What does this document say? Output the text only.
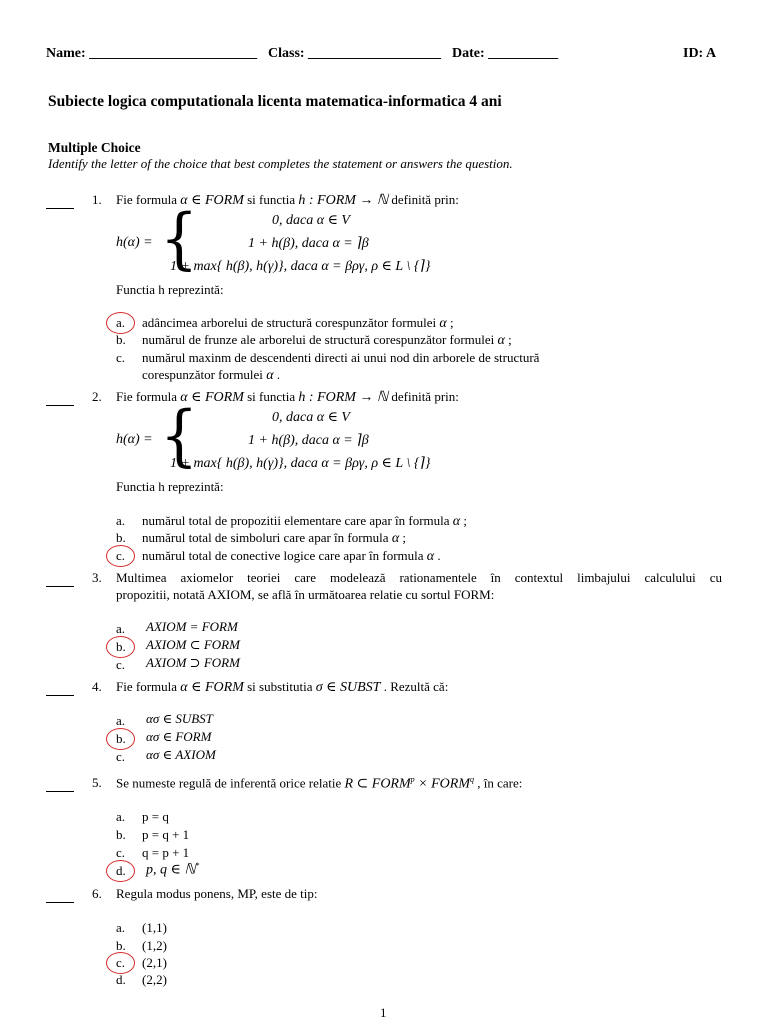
Name: ________________________ Class: ___________________ Date: __________	ID: A
Subiecte logica computationala licenta matematica-informatica 4 ani
Multiple Choice
Identify the letter of the choice that best completes the statement or answers the question.
1. Fie formula α ∈ FORM si functia h : FORM → ℕ definită prin:
h(α) = {	0, daca α ∈ V
1 + h(β), daca α = ⌉β
1 + max{ h(β), h(γ)}, daca α = βργ, ρ ∈ L \ {⌉}
Functia h reprezintă:
a. adâncimea arborelui de structură corespunzător formulei α ;
b. numărul de frunze ale arborelui de structură corespunzător formulei α ;
c. numărul maxinm de descendenti directi ai unui nod din arborele de structură
corespunzător formulei α .
2. Fie formula α ∈ FORM si functia h : FORM → ℕ definită prin:
h(α) = {	0, daca α ∈ V
1 + h(β), daca α = ⌉β
1 + max{ h(β), h(γ)}, daca α = βργ, ρ ∈ L \ {⌉}
Functia h reprezintă:
a. numărul total de propozitii elementare care apar în formula α ;
b. numărul total de simboluri care apar în formula α ;
c. numărul total de conective logice care apar în formula α .
3. Multimea axiomelor teoriei care modelează rationamentele în contextul limbajului calculului cu
propozitii, notată AXIOM, se află în următoarea relatie cu sortul FORM:
a. AXIOM = FORM
b. AXIOM ⊂ FORM
c. AXIOM ⊃ FORM
4. Fie formula α ∈ FORM si substitutia σ ∈ SUBST . Rezultă că:
a. ασ ∈ SUBST
b. ασ ∈ FORM
c. ασ ∈ AXIOM
5. Se numeste regulă de inferentă orice relatie R ⊂ $FORM^p$ × $FORM^q$ , în care:
a. p = q
b. p = q + 1
c. q = p + 1
d. p, q ∈ ℕ*
6. Regula modus ponens, MP, este de tip:
a. (1,1)
b. (1,2)
c. (2,1)
d. (2,2)
1
